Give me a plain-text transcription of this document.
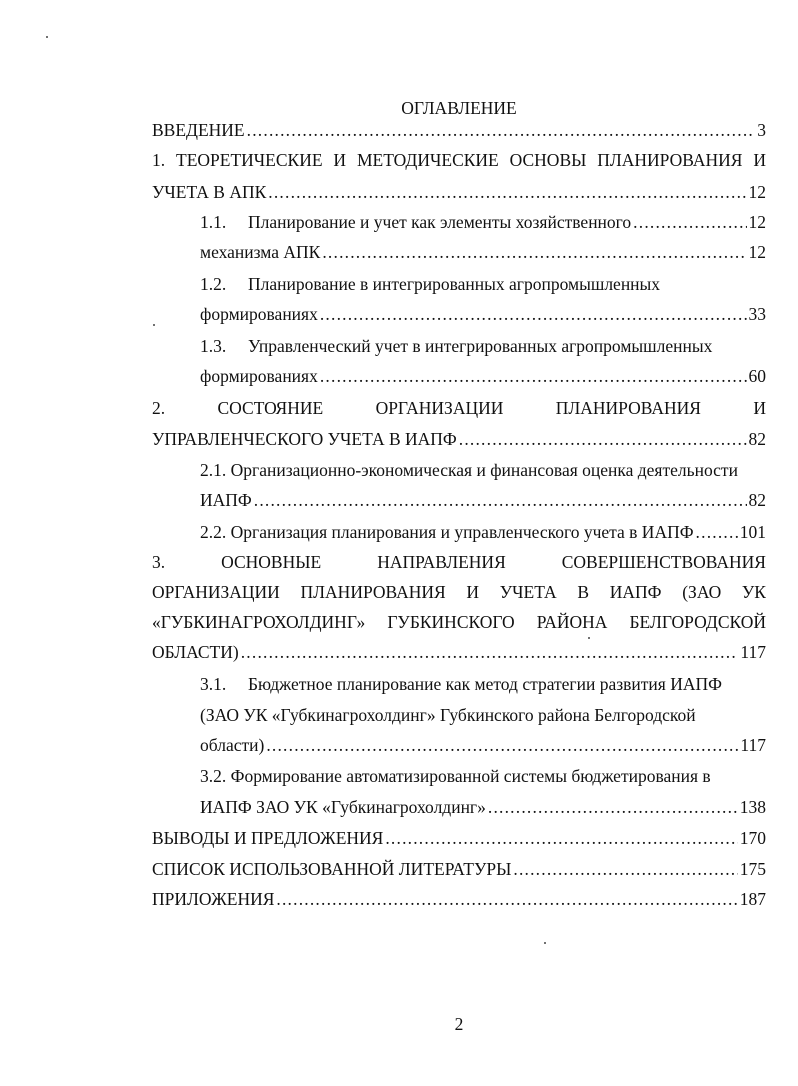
ОГЛАВЛЕНИЕ
ВВЕДЕНИЕ .....	3
1. ТЕОРЕТИЧЕСКИЕ И МЕТОДИЧЕСКИЕ ОСНОВЫ ПЛАНИРОВАНИЯ И
УЧЕТА В АПК .....	12
1.1. Планирование и учет как элементы хозяйственного .....	12
механизма АПК .....	12
1.2. Планирование в интегрированных агропромышленных
формированиях .....	33
1.3. Управленческий учет в интегрированных агропромышленных
формированиях .....	60
2.	СОСТОЯНИЕ	ОРГАНИЗАЦИИ	ПЛАНИРОВАНИЯ	И
УПРАВЛЕНЧЕСКОГО УЧЕТА В ИАПФ .....	82
2.1. Организационно-экономическая и финансовая оценка деятельности
ИАПФ .....	82
2.2. Организация планирования и управленческого учета в ИАПФ .....	101
3.	ОСНОВНЫЕ	НАПРАВЛЕНИЯ	СОВЕРШЕНСТВОВАНИЯ
ОРГАНИЗАЦИИ ПЛАНИРОВАНИЯ И УЧЕТА В ИАПФ (ЗАО УК
«ГУБКИНАГРОХОЛДИНГ» ГУБКИНСКОГО РАЙОНА БЕЛГОРОДСКОЙ
ОБЛАСТИ) .....	117
3.1. Бюджетное планирование как метод стратегии развития ИАПФ
(ЗАО УК «Губкинагрохолдинг» Губкинского района Белгородской
области) .....	117
3.2. Формирование автоматизированной системы бюджетирования в
ИАПФ ЗАО УК «Губкинагрохолдинг» .....	138
ВЫВОДЫ И ПРЕДЛОЖЕНИЯ .....	170
СПИСОК ИСПОЛЬЗОВАННОЙ ЛИТЕРАТУРЫ .....	175
ПРИЛОЖЕНИЯ .....	187
2
